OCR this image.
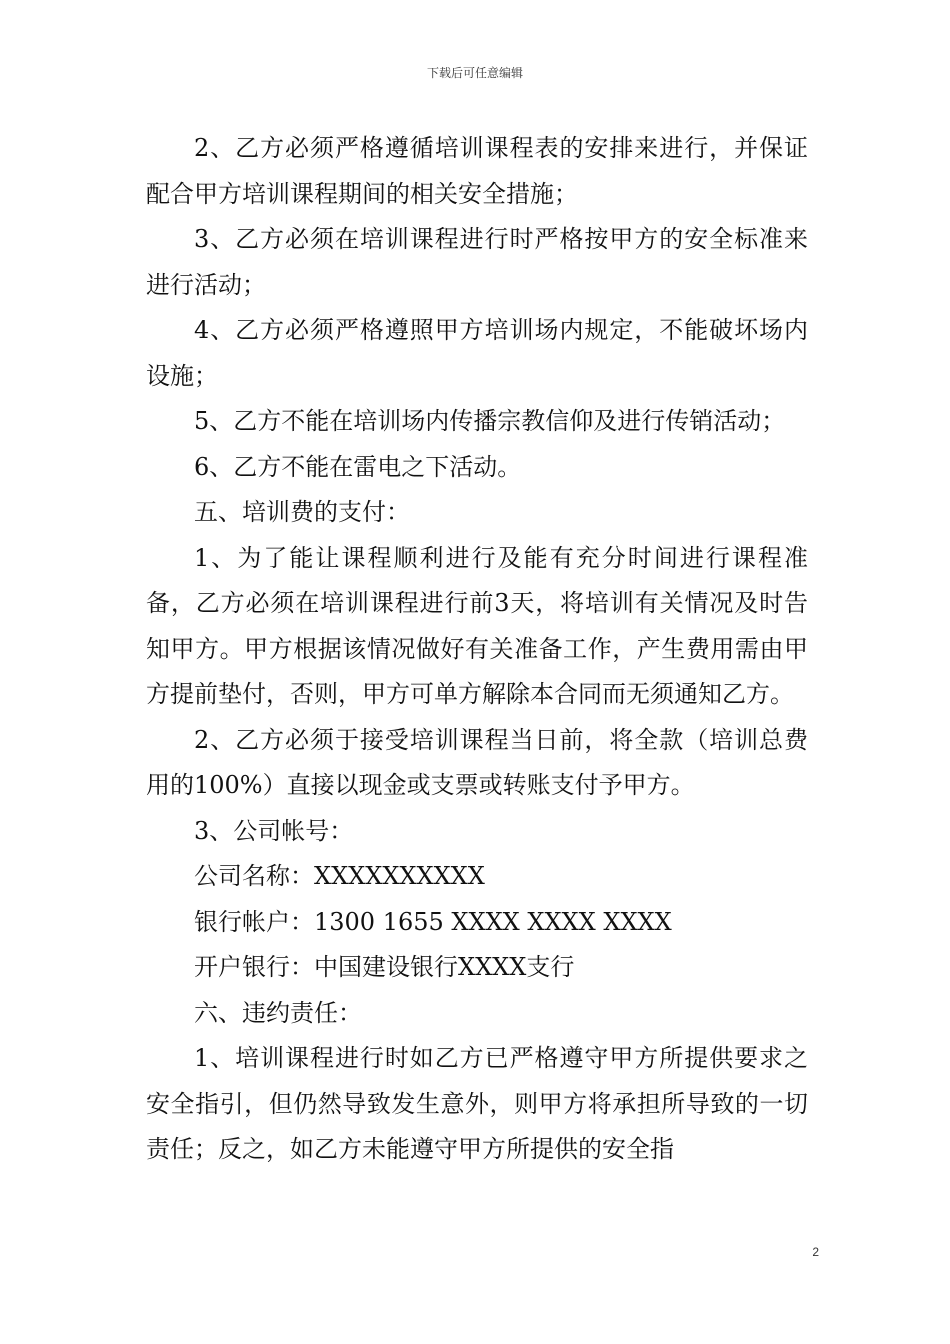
下载后可任意编辑

2、乙方必须严格遵循培训课程表的安排来进行，并保证配合甲方培训课程期间的相关安全措施；

3、乙方必须在培训课程进行时严格按甲方的安全标准来进行活动；

4、乙方必须严格遵照甲方培训场内规定，不能破坏场内设施；

5、乙方不能在培训场内传播宗教信仰及进行传销活动；

6、乙方不能在雷电之下活动。

五、培训费的支付：

1、为了能让课程顺利进行及能有充分时间进行课程准备，乙方必须在培训课程进行前3天，将培训有关情况及时告知甲方。甲方根据该情况做好有关准备工作，产生费用需由甲方提前垫付，否则，甲方可单方解除本合同而无须通知乙方。

2、乙方必须于接受培训课程当日前，将全款（培训总费用的100%）直接以现金或支票或转账支付予甲方。

3、公司帐号：

公司名称：XXXXXXXXXX

银行帐户：1300 1655 XXXX XXXX XXXX

开户银行：中国建设银行XXXX支行

六、违约责任：

1、培训课程进行时如乙方已严格遵守甲方所提供要求之安全指引，但仍然导致发生意外，则甲方将承担所导致的一切责任；反之，如乙方未能遵守甲方所提供的安全指

2
